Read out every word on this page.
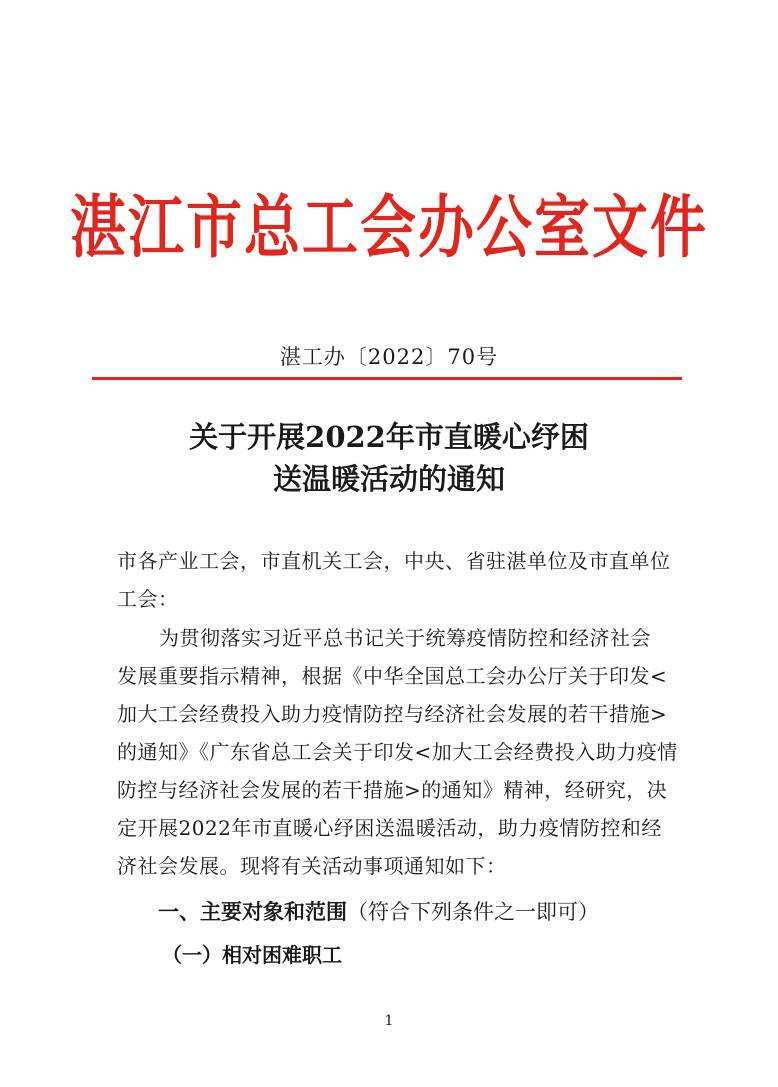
湛江市总工会办公室文件
湛工办〔2022〕70号
关于开展2022年市直暖心纾困
送温暖活动的通知
市各产业工会，市直机关工会，中央、省驻湛单位及市直单位
工会：
为贯彻落实习近平总书记关于统筹疫情防控和经济社会
发展重要指示精神，根据《中华全国总工会办公厅关于印发<
加大工会经费投入助力疫情防控与经济社会发展的若干措施>
的通知》《广东省总工会关于印发<加大工会经费投入助力疫情
防控与经济社会发展的若干措施>的通知》精神，经研究，决
定开展2022年市直暖心纾困送温暖活动，助力疫情防控和经
济社会发展。现将有关活动事项通知如下：
一、主要对象和范围（符合下列条件之一即可）
（一）相对困难职工
1
